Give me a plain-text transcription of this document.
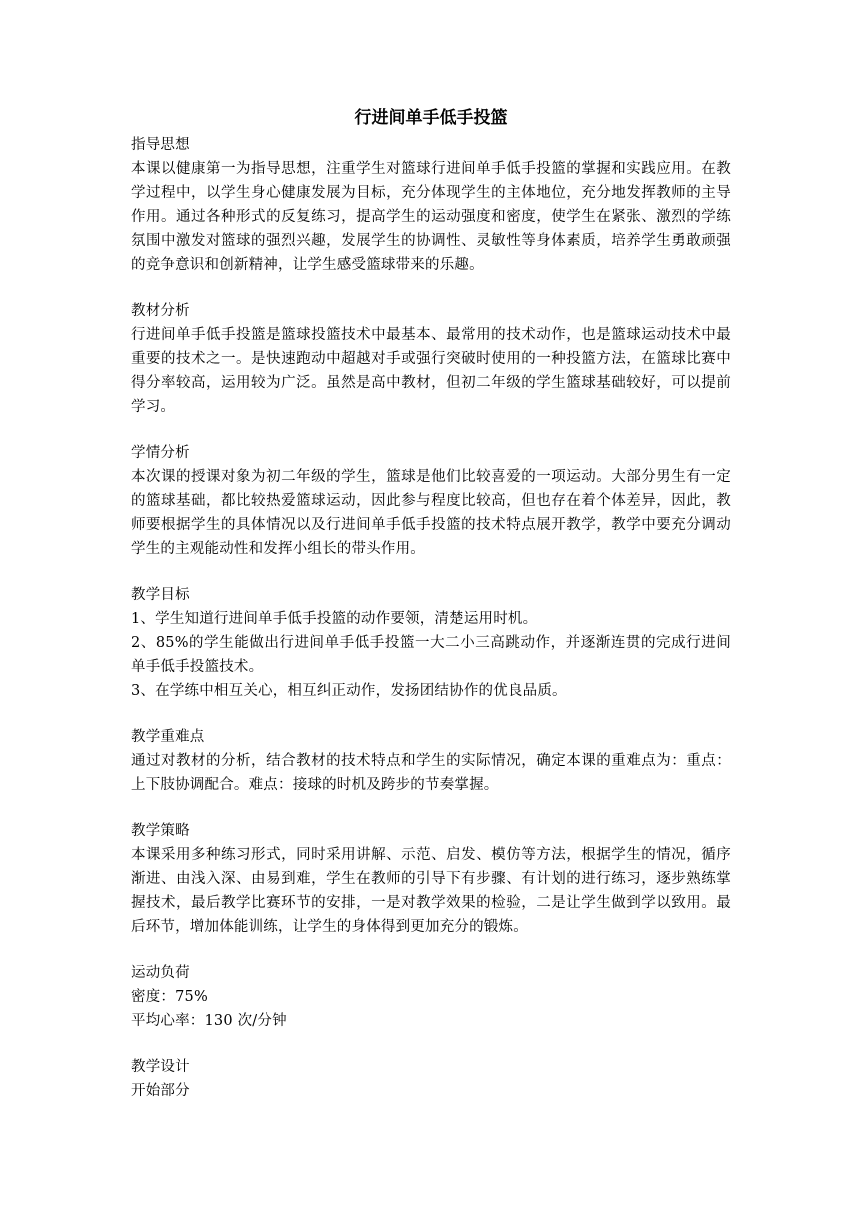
行进间单手低手投篮
指导思想
本课以健康第一为指导思想，注重学生对篮球行进间单手低手投篮的掌握和实践应用。在教学过程中，以学生身心健康发展为目标，充分体现学生的主体地位，充分地发挥教师的主导作用。通过各种形式的反复练习，提高学生的运动强度和密度，使学生在紧张、激烈的学练氛围中激发对篮球的强烈兴趣，发展学生的协调性、灵敏性等身体素质，培养学生勇敢顽强的竞争意识和创新精神，让学生感受篮球带来的乐趣。
教材分析
行进间单手低手投篮是篮球投篮技术中最基本、最常用的技术动作，也是篮球运动技术中最重要的技术之一。是快速跑动中超越对手或强行突破时使用的一种投篮方法，在篮球比赛中得分率较高，运用较为广泛。虽然是高中教材，但初二年级的学生篮球基础较好，可以提前学习。
学情分析
本次课的授课对象为初二年级的学生，篮球是他们比较喜爱的一项运动。大部分男生有一定的篮球基础，都比较热爱篮球运动，因此参与程度比较高，但也存在着个体差异，因此，教师要根据学生的具体情况以及行进间单手低手投篮的技术特点展开教学，教学中要充分调动学生的主观能动性和发挥小组长的带头作用。
教学目标
1、学生知道行进间单手低手投篮的动作要领，清楚运用时机。
2、85%的学生能做出行进间单手低手投篮一大二小三高跳动作，并逐渐连贯的完成行进间单手低手投篮技术。
3、在学练中相互关心，相互纠正动作，发扬团结协作的优良品质。
教学重难点
通过对教材的分析，结合教材的技术特点和学生的实际情况，确定本课的重难点为：重点：上下肢协调配合。难点：接球的时机及跨步的节奏掌握。
教学策略
本课采用多种练习形式，同时采用讲解、示范、启发、模仿等方法，根据学生的情况，循序渐进、由浅入深、由易到难，学生在教师的引导下有步骤、有计划的进行练习，逐步熟练掌握技术，最后教学比赛环节的安排，一是对教学效果的检验，二是让学生做到学以致用。最后环节，增加体能训练，让学生的身体得到更加充分的锻炼。
运动负荷
密度：75%
平均心率：130 次/分钟
教学设计
开始部分
